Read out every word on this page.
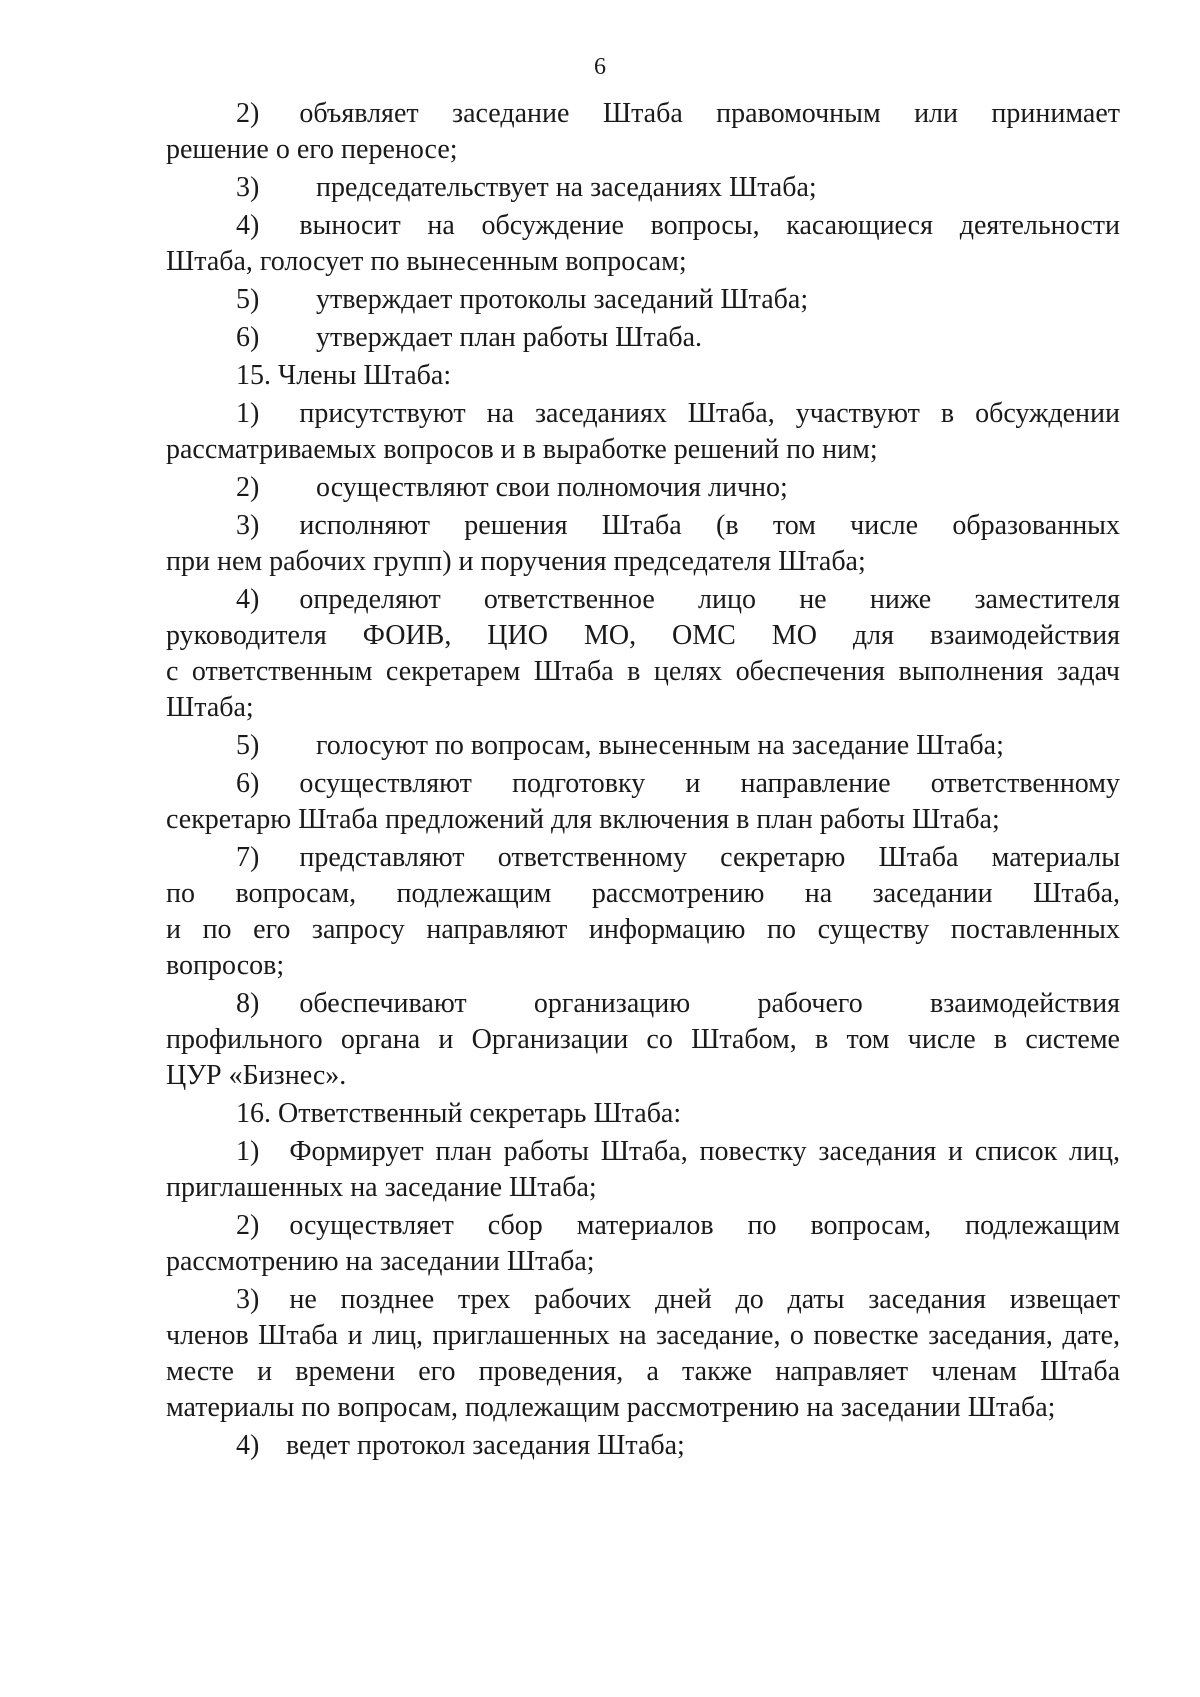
6
2) объявляет заседание Штаба правомочным или принимает
решение о его переносе;
3) председательствует на заседаниях Штаба;
4) выносит на обсуждение вопросы, касающиеся деятельности
Штаба, голосует по вынесенным вопросам;
5) утверждает протоколы заседаний Штаба;
6) утверждает план работы Штаба.
15. Члены Штаба:
1) присутствуют на заседаниях Штаба, участвуют в обсуждении
рассматриваемых вопросов и в выработке решений по ним;
2) осуществляют свои полномочия лично;
3) исполняют решения Штаба (в том числе образованных
при нем рабочих групп) и поручения председателя Штаба;
4) определяют ответственное лицо не ниже заместителя
руководителя ФОИВ, ЦИО МО, ОМС МО для взаимодействия
с ответственным секретарем Штаба в целях обеспечения выполнения задач
Штаба;
5) голосуют по вопросам, вынесенным на заседание Штаба;
6) осуществляют подготовку и направление ответственному
секретарю Штаба предложений для включения в план работы Штаба;
7) представляют ответственному секретарю Штаба материалы
по вопросам, подлежащим рассмотрению на заседании Штаба,
и по его запросу направляют информацию по существу поставленных
вопросов;
8) обеспечивают организацию рабочего взаимодействия
профильного органа и Организации со Штабом, в том числе в системе
ЦУР «Бизнес».
16. Ответственный секретарь Штаба:
1) Формирует план работы Штаба, повестку заседания и список лиц,
приглашенных на заседание Штаба;
2) осуществляет сбор материалов по вопросам, подлежащим
рассмотрению на заседании Штаба;
3) не позднее трех рабочих дней до даты заседания извещает
членов Штаба и лиц, приглашенных на заседание, о повестке заседания, дате,
месте и времени его проведения, а также направляет членам Штаба
материалы по вопросам, подлежащим рассмотрению на заседании Штаба;
4) ведет протокол заседания Штаба;
